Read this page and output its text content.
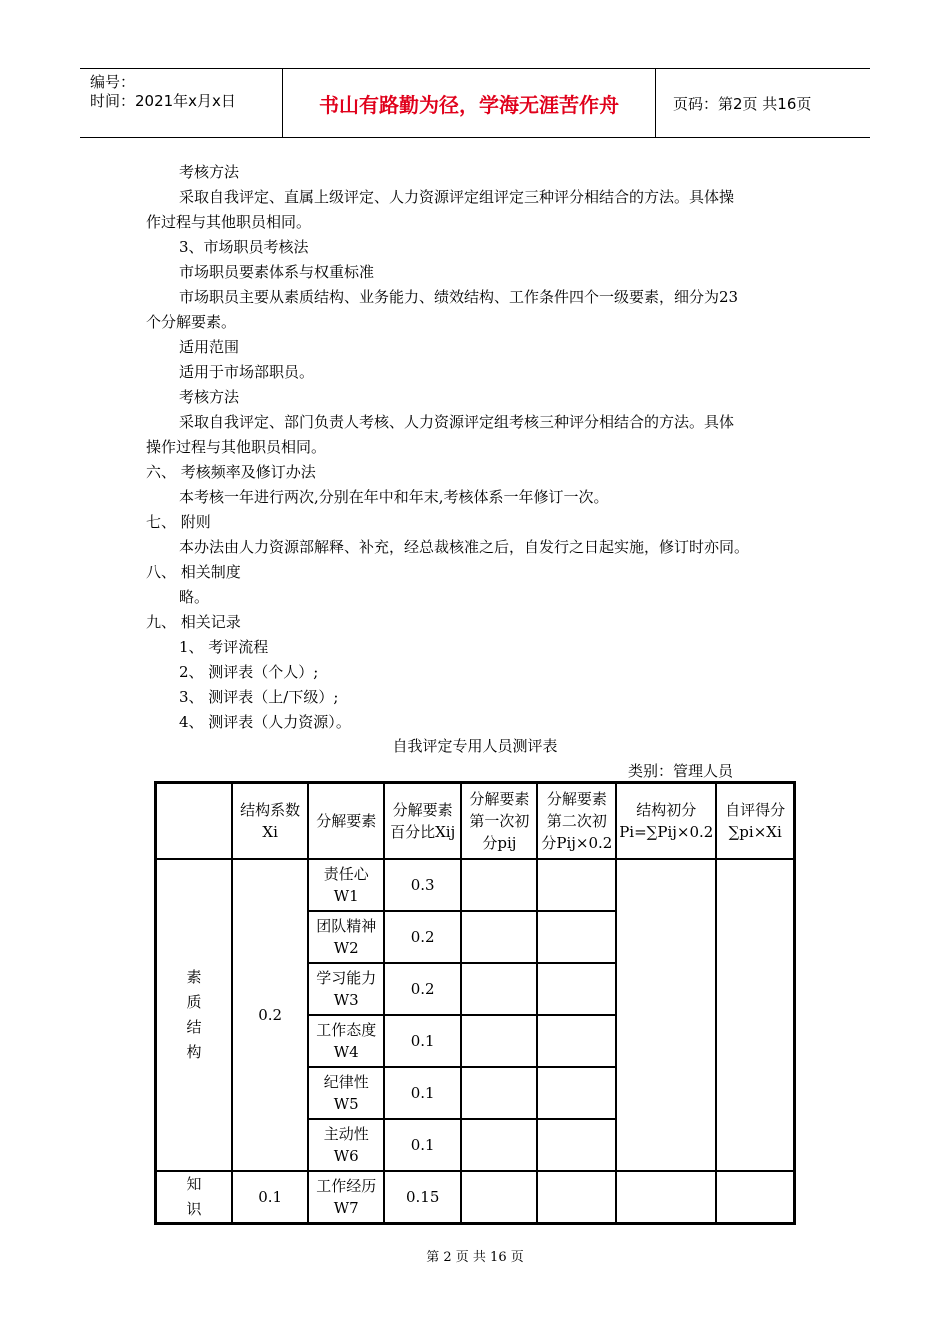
编号：
时间：2021年x月x日	书山有路勤为径，学海无涯苦作舟	页码：第2页 共16页
考核方法
采取自我评定、直属上级评定、人力资源评定组评定三种评分相结合的方法。具体操
作过程与其他职员相同。
3、市场职员考核法
市场职员要素体系与权重标准
市场职员主要从素质结构、业务能力、绩效结构、工作条件四个一级要素，细分为23
个分解要素。
适用范围
适用于市场部职员。
考核方法
采取自我评定、部门负责人考核、人力资源评定组考核三种评分相结合的方法。具体
操作过程与其他职员相同。
六、 考核频率及修订办法
本考核一年进行两次,分别在年中和年末,考核体系一年修订一次。
七、 附则
本办法由人力资源部解释、补充，经总裁核准之后，自发行之日起实施，修订时亦同。
八、 相关制度
略。
九、 相关记录
1、 考评流程
2、 测评表（个人）;
3、 测评表（上/下级）;
4、 测评表（人力资源）。
自我评定专用人员测评表
类别：管理人员
	结构系数Xi	分解要素	分解要素百分比Xij	分解要素第一次初分pij	分解要素第二次初分Pij×0.2	结构初分Pi=∑Pij×0.2	自评得分∑pi×Xi

素质结构	0.2	责任心W1	0.3				
		团队精神W2	0.2				
		学习能力W3	0.2				
		工作态度W4	0.1				
		纪律性W5	0.1				
		主动性W6	0.1				

知识	0.1	工作经历W7	0.15				
第 2 页 共 16 页
